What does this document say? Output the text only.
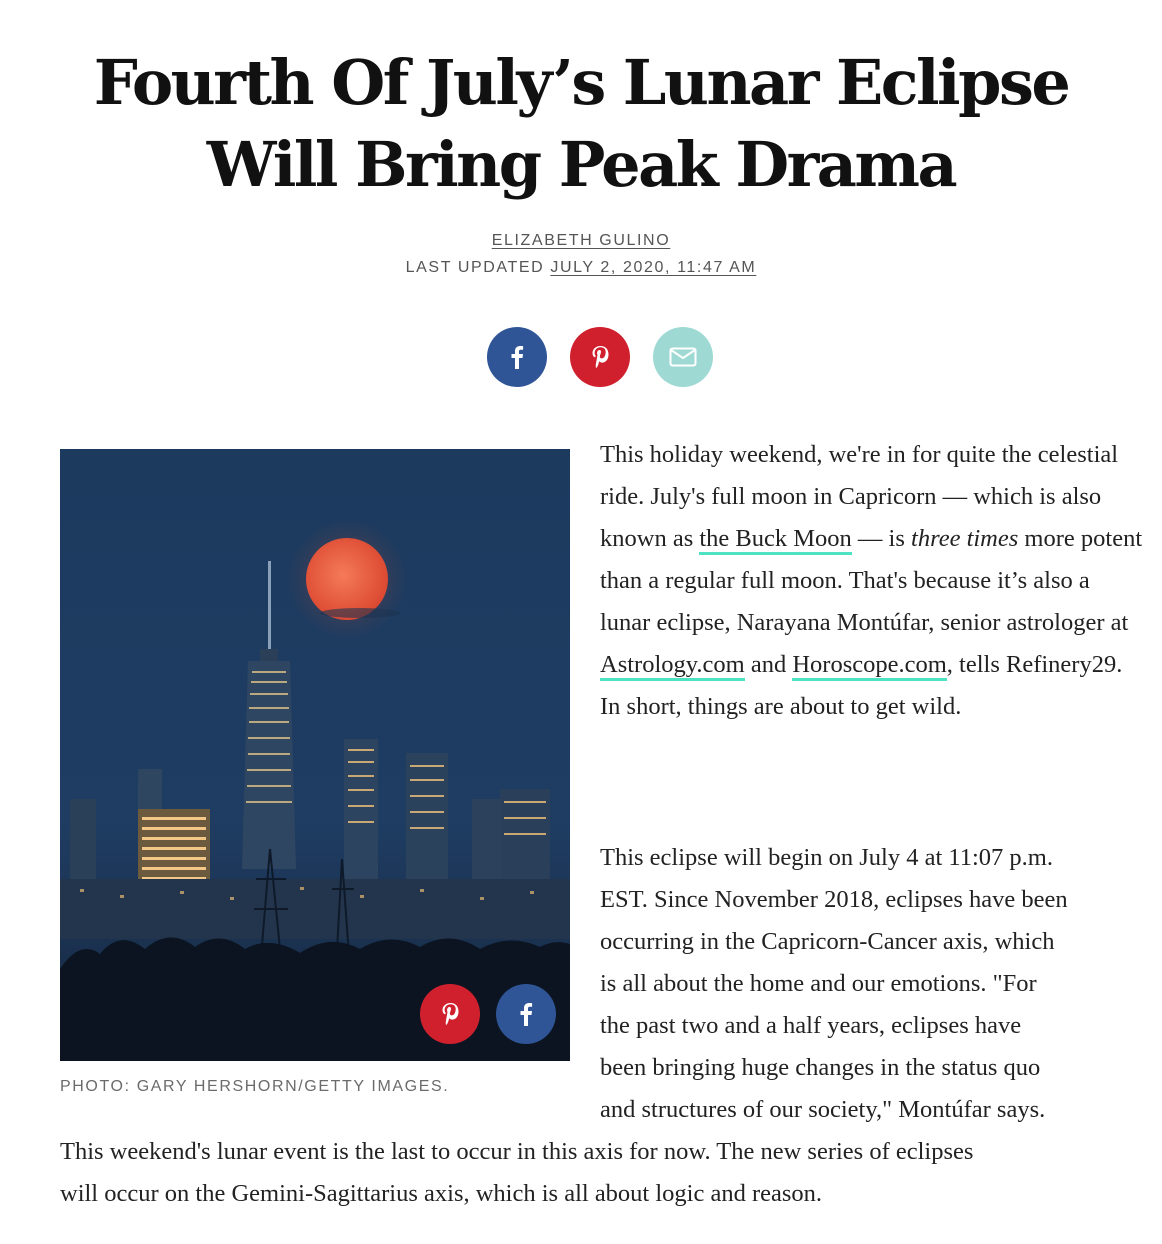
Fourth Of July’s Lunar Eclipse
Will Bring Peak Drama
ELIZABETH GULINO
LAST UPDATED JULY 2, 2020, 11:47 AM
PHOTO: GARY HERSHORN/GETTY IMAGES.

This holiday weekend, we're in for quite the celestial ride. July's full moon in Capricorn — which is also known as the Buck Moon — is three times more potent than a regular full moon. That's because it’s also a lunar eclipse, Narayana Montúfar, senior astrologer at Astrology.com and Horoscope.com, tells Refinery29. In short, things are about to get wild.

This eclipse will begin on July 4 at 11:07 p.m.
EST. Since November 2018, eclipses have been
occurring in the Capricorn-Cancer axis, which
is all about the home and our emotions. "For
the past two and a half years, eclipses have
been bringing huge changes in the status quo
and structures of our society," Montúfar says.

This weekend's lunar event is the last to occur in this axis for now. The new series of eclipses
will occur on the Gemini-Sagittarius axis, which is all about logic and reason.
